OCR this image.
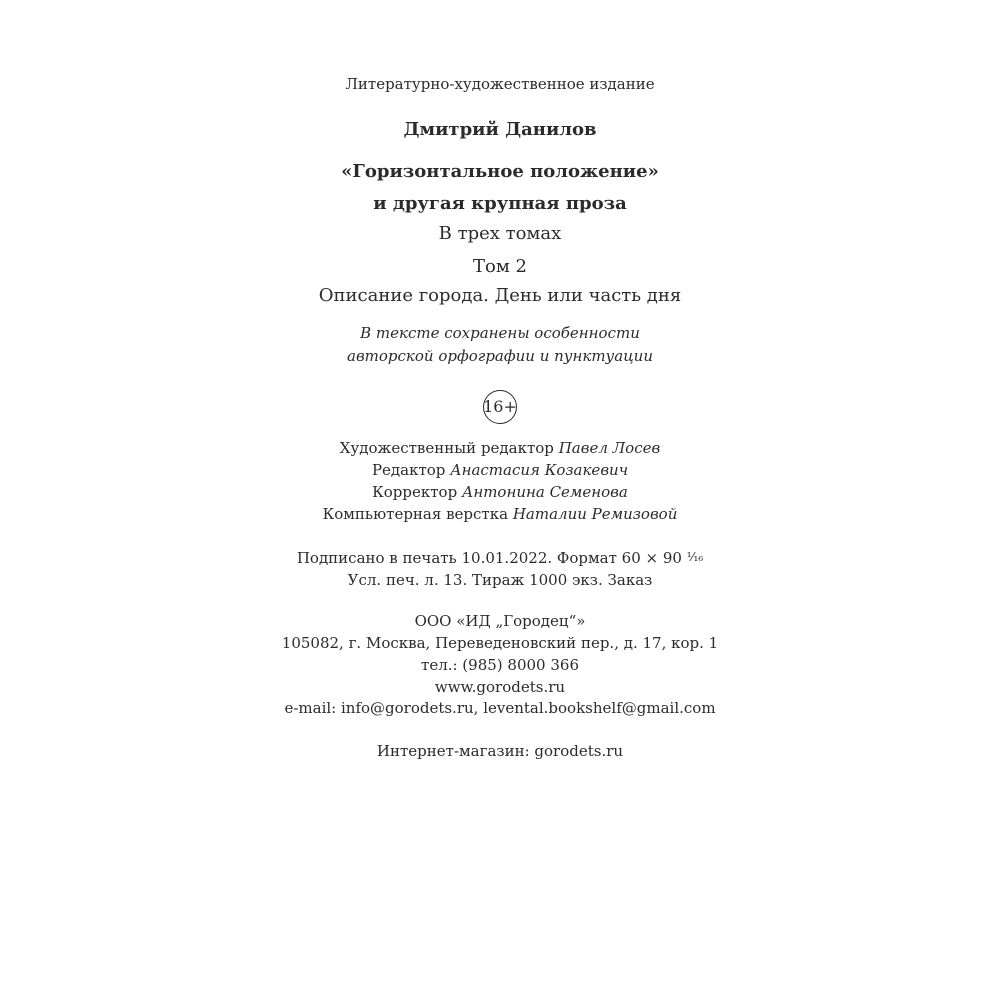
Литературно-художественное издание
Дмитрий Данилов
«Горизонтальное положение»
и другая крупная проза
В трех томах
Том 2
Описание города. День или часть дня
В тексте сохранены особенности
авторской орфографии и пунктуации
16+
Художественный редактор Павел Лосев
Редактор Анастасия Козакевич
Корректор Антонина Семенова
Компьютерная верстка Наталии Ремизовой
Подписано в печать 10.01.2022. Формат 60 × 90 ¹⁄₁₆
Усл. печ. л. 13. Тираж 1000 экз. Заказ
ООО «ИД „Городец“»
105082, г. Москва, Переведеновский пер., д. 17, кор. 1
тел.: (985) 8000 366
www.gorodets.ru
e-mail: info@gorodets.ru, levental.bookshelf@gmail.com
Интернет-магазин: gorodets.ru
